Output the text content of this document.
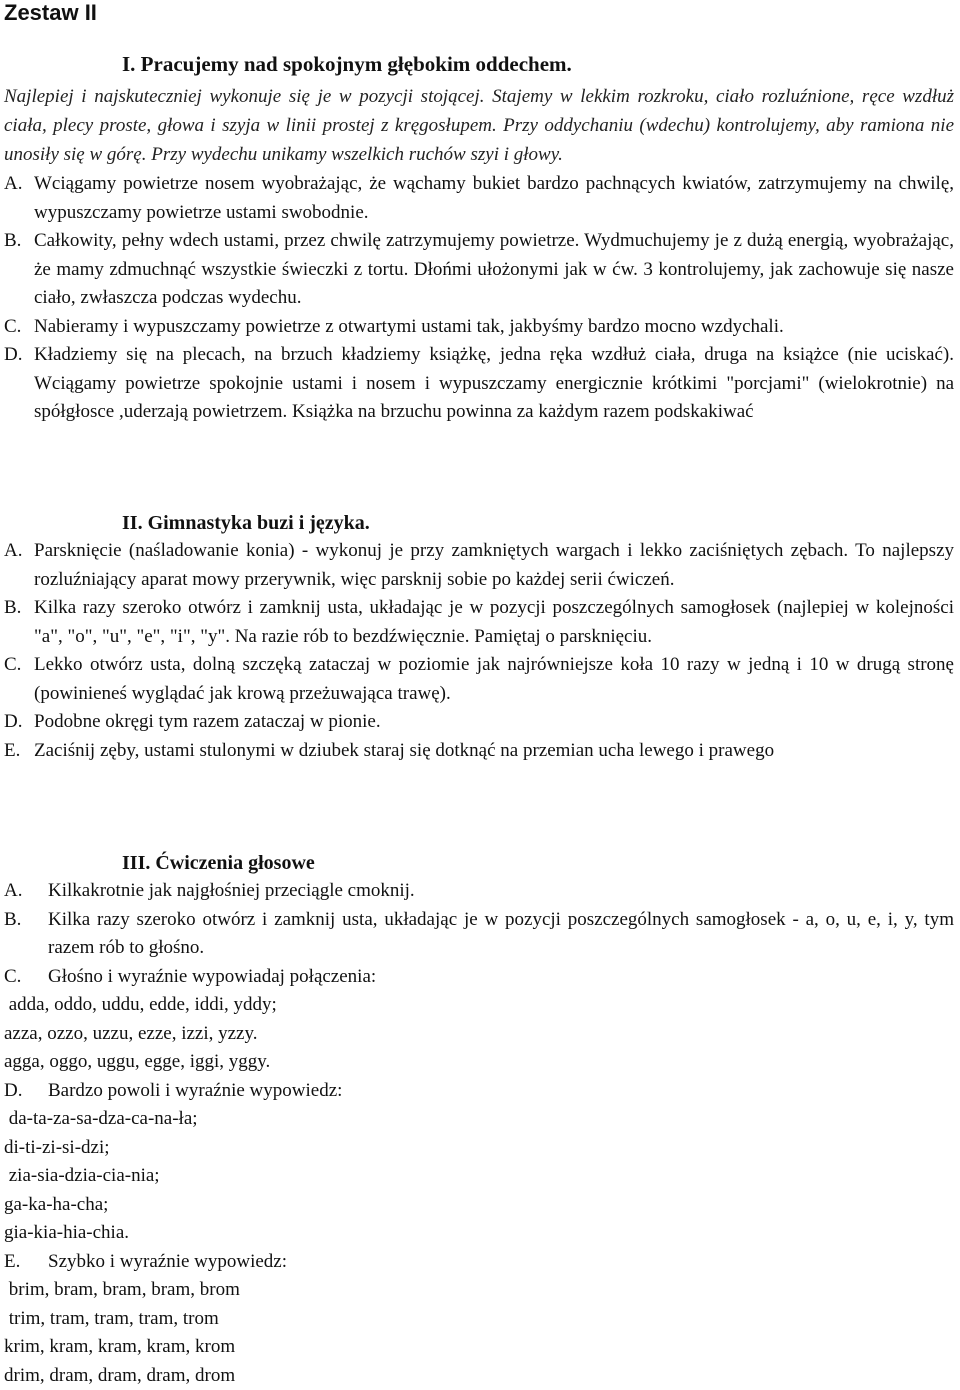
Zestaw II
I. Pracujemy nad spokojnym głębokim oddechem.
Najlepiej i najskuteczniej wykonuje się je w pozycji stojącej. Stajemy w lekkim rozkroku, ciało rozluźnione, ręce wzdłuż ciała, plecy proste, głowa i szyja w linii prostej z kręgosłupem. Przy oddychaniu (wdechu) kontrolujemy, aby ramiona nie unosiły się w górę. Przy wydechu unikamy wszelkich ruchów szyi i głowy.
A. Wciągamy powietrze nosem wyobrażając, że wąchamy bukiet bardzo pachnących kwiatów, zatrzymujemy na chwilę, wypuszczamy powietrze ustami swobodnie.
B. Całkowity, pełny wdech ustami, przez chwilę zatrzymujemy powietrze. Wydmuchujemy je z dużą energią, wyobrażając, że mamy zdmuchnąć wszystkie świeczki z tortu. Dłońmi ułożonymi jak w ćw. 3 kontrolujemy, jak zachowuje się nasze ciało, zwłaszcza podczas wydechu.
C. Nabieramy i wypuszczamy powietrze z otwartymi ustami tak, jakbyśmy bardzo mocno wzdychali.
D. Kładziemy się na plecach, na brzuch kładziemy książkę, jedna ręka wzdłuż ciała, druga na książce (nie uciskać). Wciągamy powietrze spokojnie ustami i nosem i wypuszczamy energicznie krótkimi "porcjami" (wielokrotnie) na spółgłosce ,uderzają powietrzem. Książka na brzuchu powinna za każdym razem podskakiwać
II. Gimnastyka buzi i języka.
A. Parsknięcie (naśladowanie konia) - wykonuj je przy zamkniętych wargach i lekko zaciśniętych zębach. To najlepszy rozluźniający aparat mowy przerywnik, więc parsknij sobie po każdej serii ćwiczeń.
B. Kilka razy szeroko otwórz i zamknij usta, układając je w pozycji poszczególnych samogłosek (najlepiej w kolejności "a", "o", "u", "e", "i", "y". Na razie rób to bezdźwięcznie. Pamiętaj o parsknięciu.
C. Lekko otwórz usta, dolną szczęką zataczaj w poziomie jak najrówniejsze koła 10 razy w jedną i 10 w drugą stronę (powinieneś wyglądać jak krową przeżuwająca trawę).
D. Podobne okręgi tym razem zataczaj w pionie.
E. Zaciśnij zęby, ustami stulonymi w dziubek staraj się dotknąć na przemian ucha lewego i prawego
III. Ćwiczenia głosowe
A. Kilkakrotnie jak najgłośniej przeciągle cmoknij.
B. Kilka razy szeroko otwórz i zamknij usta, układając je w pozycji poszczególnych samogłosek - a, o, u, e, i, y, tym razem rób to głośno.
C. Głośno i wyraźnie wypowiadaj połączenia:
adda, oddo, uddu, edde, iddi, yddy;
azza, ozzo, uzzu, ezze, izzi, yzzy.
agga, oggo, uggu, egge, iggi, yggy.
D. Bardzo powoli i wyraźnie wypowiedz:
da-ta-za-sa-dza-ca-na-ła;
di-ti-zi-si-dzi;
zia-sia-dzia-cia-nia;
ga-ka-ha-cha;
gia-kia-hia-chia.
E. Szybko i wyraźnie wypowiedz:
brim, bram, bram, bram, brom
trim, tram, tram, tram, trom
krim, kram, kram, kram, krom
drim, dram, dram, dram, drom
